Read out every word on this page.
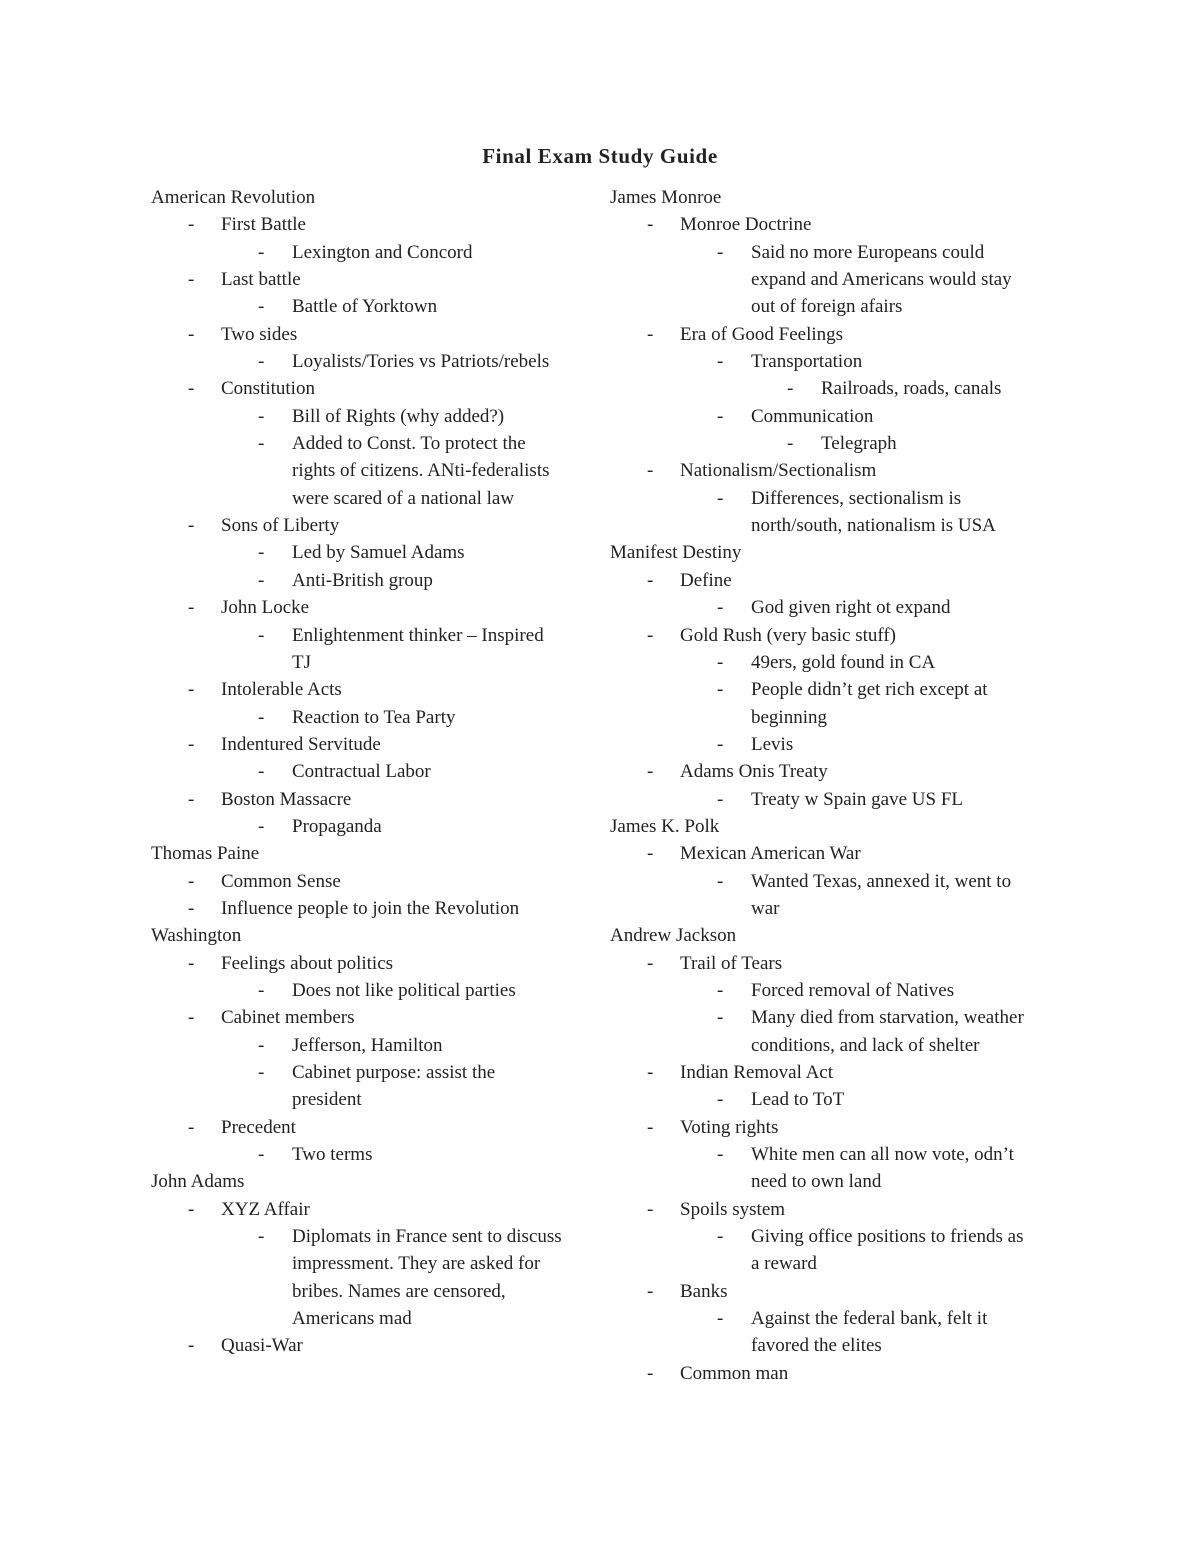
Final Exam Study Guide
American Revolution
- First Battle
- Lexington and Concord
- Last battle
- Battle of Yorktown
- Two sides
- Loyalists/Tories vs Patriots/rebels
- Constitution
- Bill of Rights (why added?)
- Added to Const. To protect the
rights of citizens. ANti-federalists
were scared of a national law
- Sons of Liberty
- Led by Samuel Adams
- Anti-British group
- John Locke
- Enlightenment thinker – Inspired
TJ
- Intolerable Acts
- Reaction to Tea Party
- Indentured Servitude
- Contractual Labor
- Boston Massacre
- Propaganda
Thomas Paine
- Common Sense
- Influence people to join the Revolution
Washington
- Feelings about politics
- Does not like political parties
- Cabinet members
- Jefferson, Hamilton
- Cabinet purpose: assist the
president
- Precedent
- Two terms
John Adams
- XYZ Affair
- Diplomats in France sent to discuss
impressment. They are asked for
bribes. Names are censored,
Americans mad
- Quasi-War
James Monroe
- Monroe Doctrine
- Said no more Europeans could
expand and Americans would stay
out of foreign afairs
- Era of Good Feelings
- Transportation
- Railroads, roads, canals
- Communication
- Telegraph
- Nationalism/Sectionalism
- Differences, sectionalism is
north/south, nationalism is USA
Manifest Destiny
- Define
- God given right ot expand
- Gold Rush (very basic stuff)
- 49ers, gold found in CA
- People didn’t get rich except at
beginning
- Levis
- Adams Onis Treaty
- Treaty w Spain gave US FL
James K. Polk
- Mexican American War
- Wanted Texas, annexed it, went to
war
Andrew Jackson
- Trail of Tears
- Forced removal of Natives
- Many died from starvation, weather
conditions, and lack of shelter
- Indian Removal Act
- Lead to ToT
- Voting rights
- White men can all now vote, odn’t
need to own land
- Spoils system
- Giving office positions to friends as
a reward
- Banks
- Against the federal bank, felt it
favored the elites
- Common man
